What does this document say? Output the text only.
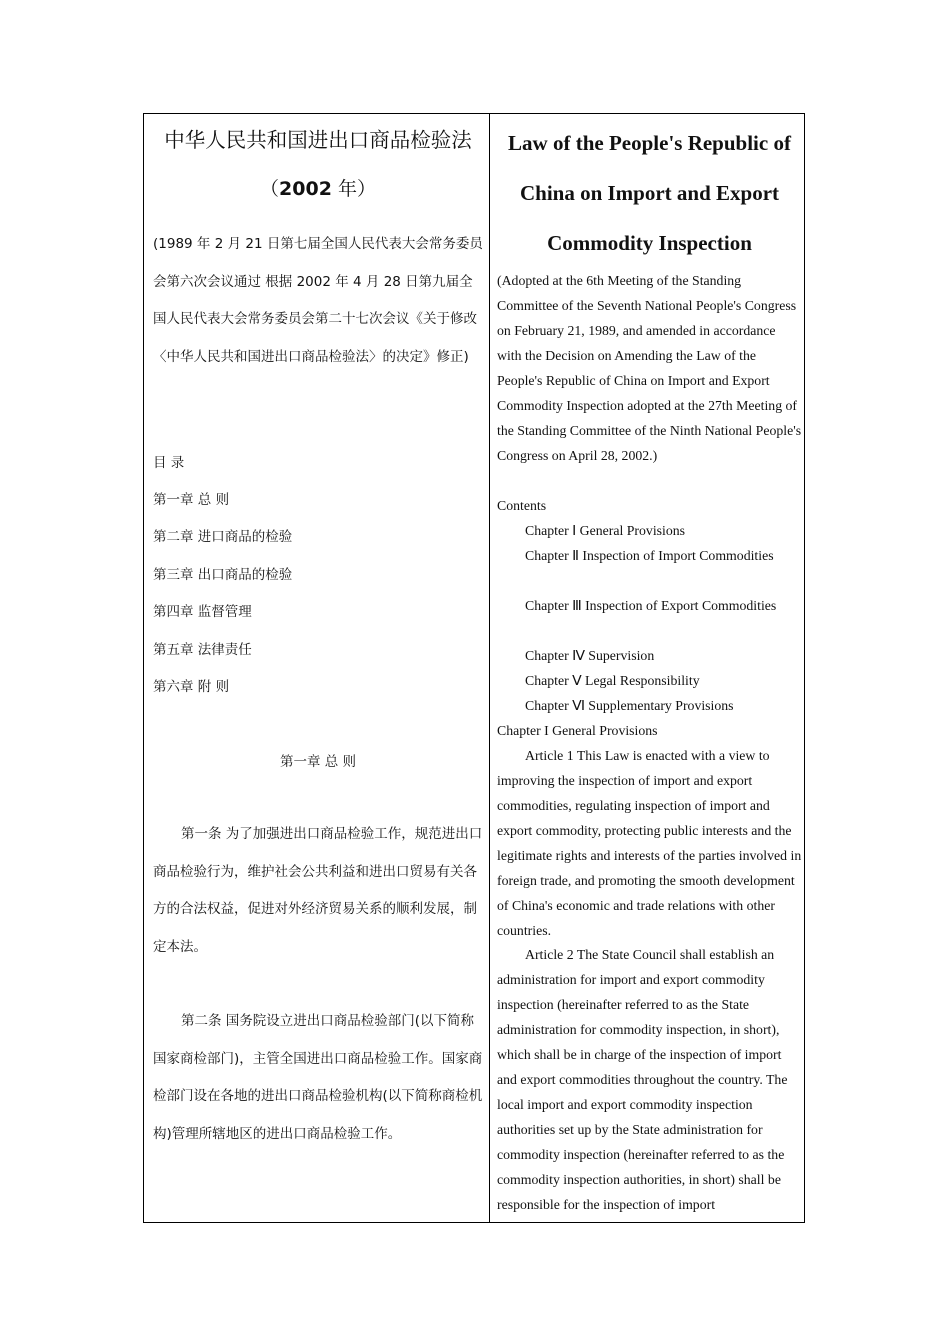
中华人民共和国进出口商品检验法
（2002 年）
(1989 年 2 月 21 日第七届全国人民代表大会常务委员会第六次会议通过 根据 2002 年 4 月 28 日第九届全国人民代表大会常务委员会第二十七次会议《关于修改〈中华人民共和国进出口商品检验法〉的决定》修正)
目 录
第一章 总 则
第二章 进口商品的检验
第三章 出口商品的检验
第四章 监督管理
第五章 法律责任
第六章 附 则
第一章 总 则
第一条 为了加强进出口商品检验工作，规范进出口商品检验行为，维护社会公共利益和进出口贸易有关各方的合法权益，促进对外经济贸易关系的顺利发展，制定本法。
第二条 国务院设立进出口商品检验部门(以下简称国家商检部门)，主管全国进出口商品检验工作。国家商检部门设在各地的进出口商品检验机构(以下简称商检机构)管理所辖地区的进出口商品检验工作。
Law of the People's Republic of China on Import and Export Commodity Inspection
(Adopted at the 6th Meeting of the Standing Committee of the Seventh National People's Congress on February 21, 1989, and amended in accordance with the Decision on Amending the Law of the People's Republic of China on Import and Export Commodity Inspection adopted at the 27th Meeting of the Standing Committee of the Ninth National People's Congress on April 28, 2002.)
Contents
Chapter Ⅰ General Provisions
Chapter Ⅱ Inspection of Import Commodities
Chapter Ⅲ Inspection of Export Commodities
Chapter Ⅳ Supervision
Chapter Ⅴ Legal Responsibility
Chapter Ⅵ Supplementary Provisions
Chapter I General Provisions
Article 1 This Law is enacted with a view to improving the inspection of import and export commodities, regulating inspection of import and export commodity, protecting public interests and the legitimate rights and interests of the parties involved in foreign trade, and promoting the smooth development of China's economic and trade relations with other countries.
Article 2 The State Council shall establish an administration for import and export commodity inspection (hereinafter referred to as the State administration for commodity inspection, in short), which shall be in charge of the inspection of import and export commodities throughout the country. The local import and export commodity inspection authorities set up by the State administration for commodity inspection (hereinafter referred to as the commodity inspection authorities, in short) shall be responsible for the inspection of import
